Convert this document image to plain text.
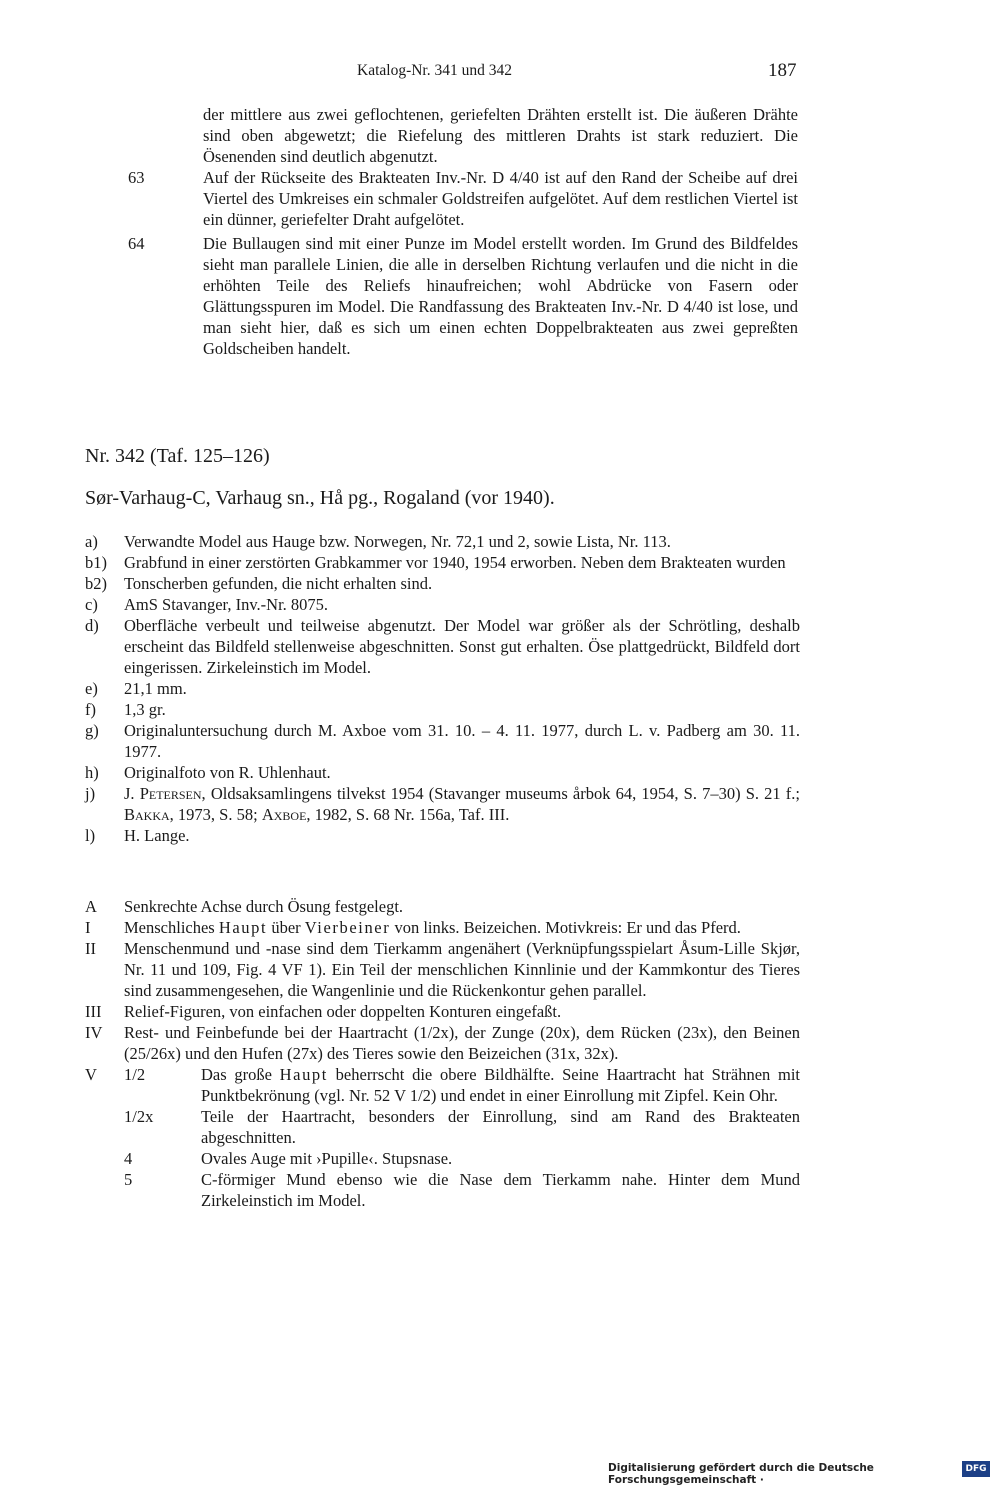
Katalog-Nr. 341 und 342	187

der mittlere aus zwei geflochtenen, geriefelten Drähten erstellt ist. Die äußeren Drähte sind oben abgewetzt; die Riefelung des mittleren Drahts ist stark reduziert. Die Ösenenden sind deutlich abgenutzt.

63	Auf der Rückseite des Brakteaten Inv.-Nr. D 4/40 ist auf den Rand der Scheibe auf drei Viertel des Umkreises ein schmaler Goldstreifen aufgelötet. Auf dem restlichen Viertel ist ein dünner, geriefelter Draht aufgelötet.
64	Die Bullaugen sind mit einer Punze im Model erstellt worden. Im Grund des Bildfeldes sieht man parallele Linien, die alle in derselben Richtung verlaufen und die nicht in die erhöhten Teile des Reliefs hinaufreichen; wohl Abdrücke von Fasern oder Glättungsspuren im Model. Die Randfassung des Brakteaten Inv.-Nr. D 4/40 ist lose, und man sieht hier, daß es sich um einen echten Doppelbrakteaten aus zwei gepreßten Goldscheiben handelt.
Nr. 342 (Taf. 125–126)
Sør-Varhaug-C, Varhaug sn., Hå pg., Rogaland (vor 1940).
a)	Verwandte Model aus Hauge bzw. Norwegen, Nr. 72,1 und 2, sowie Lista, Nr. 113.
b1)	Grabfund in einer zerstörten Grabkammer vor 1940, 1954 erworben. Neben dem Brakteaten wurden
b2)	Tonscherben gefunden, die nicht erhalten sind.
c)	AmS Stavanger, Inv.-Nr. 8075.
d)	Oberfläche verbeult und teilweise abgenutzt. Der Model war größer als der Schrötling, deshalb erscheint das Bildfeld stellenweise abgeschnitten. Sonst gut erhalten. Öse plattgedrückt, Bildfeld dort eingerissen. Zirkeleinstich im Model.
e)	21,1 mm.
f)	1,3 gr.
g)	Originaluntersuchung durch M. Axboe vom 31. 10. – 4. 11. 1977, durch L. v. Padberg am 30. 11. 1977.
h)	Originalfoto von R. Uhlenhaut.
j)	J. Petersen, Oldsaksamlingens tilvekst 1954 (Stavanger museums årbok 64, 1954, S. 7–30) S. 21 f.; Bakka, 1973, S. 58; Axboe, 1982, S. 68 Nr. 156a, Taf. III.
l)	H. Lange.
A	Senkrechte Achse durch Ösung festgelegt.
I	Menschliches Haupt über Vierbeiner von links. Beizeichen. Motivkreis: Er und das Pferd.
II	Menschenmund und -nase sind dem Tierkamm angenähert (Verknüpfungsspielart Åsum-Lille Skjør, Nr. 11 und 109, Fig. 4 VF 1). Ein Teil der menschlichen Kinnlinie und der Kammkontur des Tieres sind zusammengesehen, die Wangenlinie und die Rückenkontur gehen parallel.
III	Relief-Figuren, von einfachen oder doppelten Konturen eingefaßt.
IV	Rest- und Feinbefunde bei der Haartracht (1/2x), der Zunge (20x), dem Rücken (23x), den Beinen (25/26x) und den Hufen (27x) des Tieres sowie den Beizeichen (31x, 32x).
V	1/2	Das große Haupt beherrscht die obere Bildhälfte. Seine Haartracht hat Strähnen mit Punktbekrönung (vgl. Nr. 52 V 1/2) und endet in einer Einrollung mit Zipfel. Kein Ohr.
1/2x	Teile der Haartracht, besonders der Einrollung, sind am Rand des Brakteaten abgeschnitten.
4	Ovales Auge mit ›Pupille‹. Stupsnase.
5	C-förmiger Mund ebenso wie die Nase dem Tierkamm nahe. Hinter dem Mund Zirkeleinstich im Model.
Digitalisierung gefördert durch die Deutsche Forschungsgemeinschaft ·
DFG
